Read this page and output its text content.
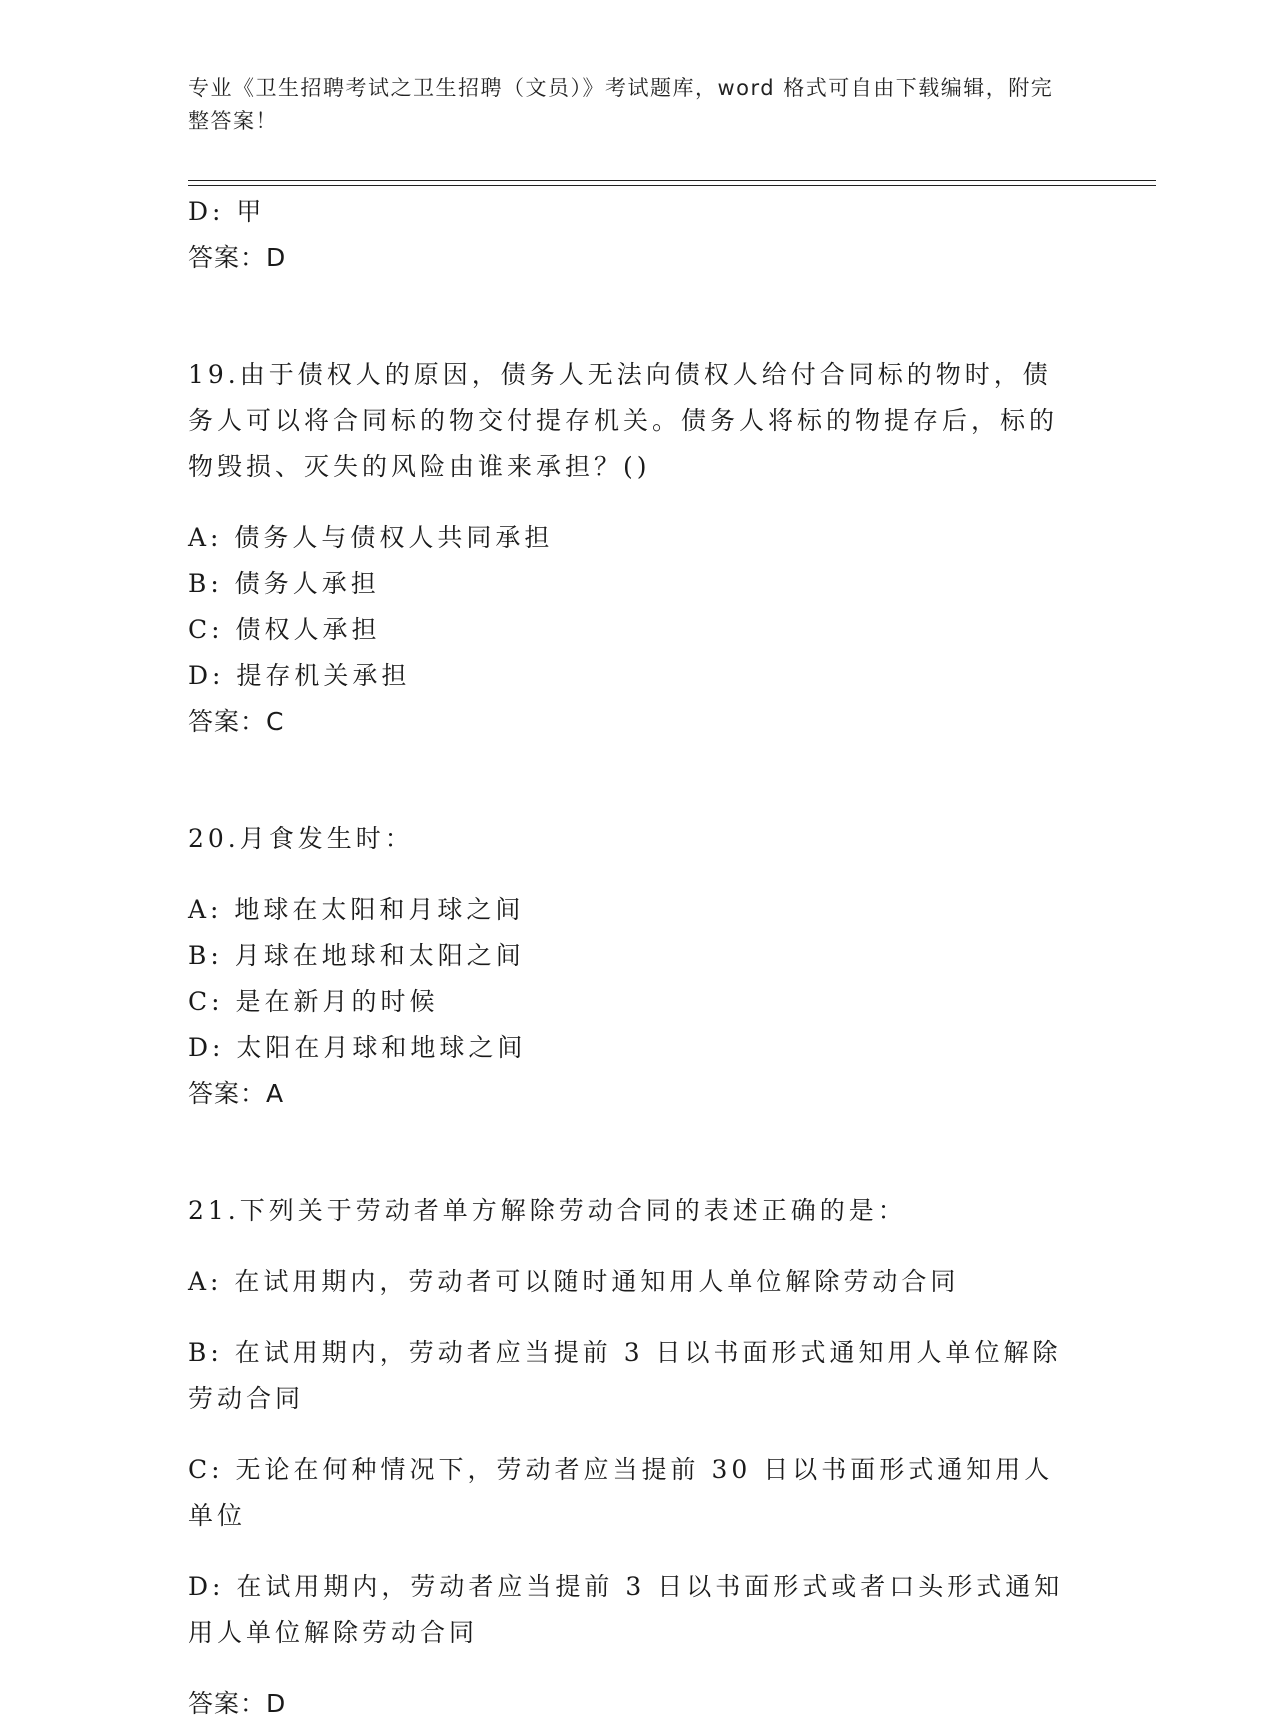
专业《卫生招聘考试之卫生招聘（文员）》考试题库，word 格式可自由下载编辑，附完整答案！

D: 甲

答案：D

19.由于债权人的原因，债务人无法向债权人给付合同标的物时，债务人可以将合同标的物交付提存机关。债务人将标的物提存后，标的物毁损、灭失的风险由谁来承担？()

A: 债务人与债权人共同承担

B: 债务人承担

C: 债权人承担

D: 提存机关承担

答案：C

20.月食发生时：

A: 地球在太阳和月球之间

B: 月球在地球和太阳之间

C: 是在新月的时候

D: 太阳在月球和地球之间

答案：A

21.下列关于劳动者单方解除劳动合同的表述正确的是：

A: 在试用期内，劳动者可以随时通知用人单位解除劳动合同

B: 在试用期内，劳动者应当提前 3 日以书面形式通知用人单位解除劳动合同

C: 无论在何种情况下，劳动者应当提前 30 日以书面形式通知用人单位

D: 在试用期内，劳动者应当提前 3 日以书面形式或者口头形式通知用人单位解除劳动合同

答案：D
